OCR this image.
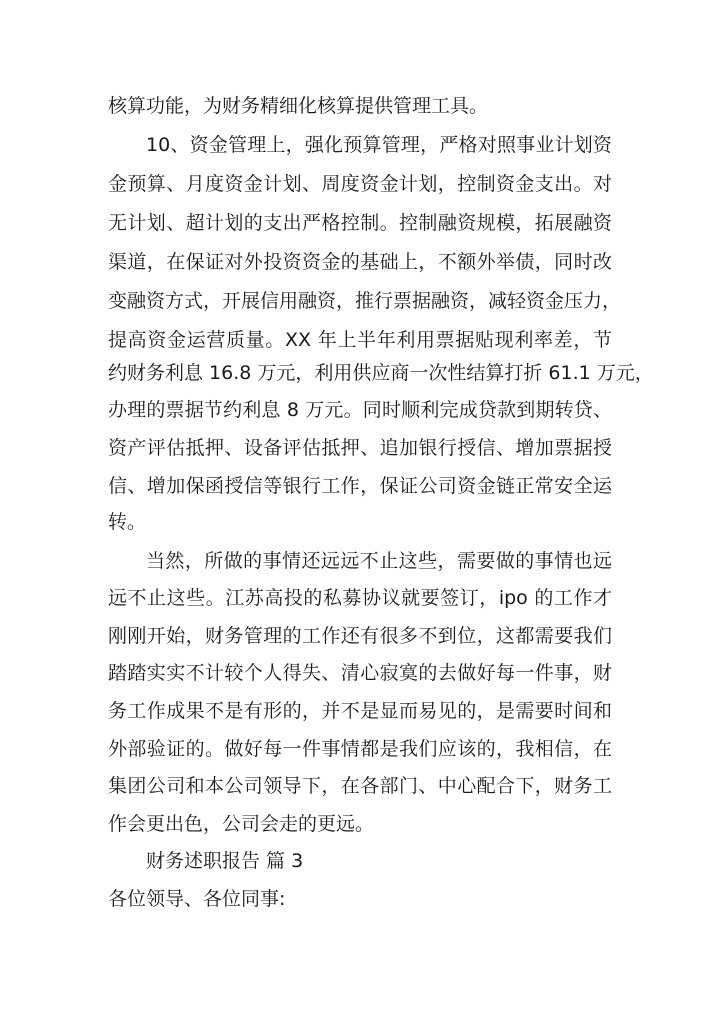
核算功能，为财务精细化核算提供管理工具。
10、资金管理上，强化预算管理，严格对照事业计划资
金预算、月度资金计划、周度资金计划，控制资金支出。对
无计划、超计划的支出严格控制。控制融资规模，拓展融资
渠道，在保证对外投资资金的基础上，不额外举债，同时改
变融资方式，开展信用融资，推行票据融资，减轻资金压力，
提高资金运营质量。XX 年上半年利用票据贴现利率差，节
约财务利息 16.8 万元，利用供应商一次性结算打折 61.1 万元，
办理的票据节约利息 8 万元。同时顺利完成贷款到期转贷、
资产评估抵押、设备评估抵押、追加银行授信、增加票据授
信、增加保函授信等银行工作，保证公司资金链正常安全运
转。
当然，所做的事情还远远不止这些，需要做的事情也远
远不止这些。江苏高投的私募协议就要签订，ipo 的工作才
刚刚开始，财务管理的工作还有很多不到位，这都需要我们
踏踏实实不计较个人得失、清心寂寞的去做好每一件事，财
务工作成果不是有形的，并不是显而易见的，是需要时间和
外部验证的。做好每一件事情都是我们应该的，我相信，在
集团公司和本公司领导下，在各部门、中心配合下，财务工
作会更出色，公司会走的更远。
财务述职报告 篇 3
各位领导、各位同事:
